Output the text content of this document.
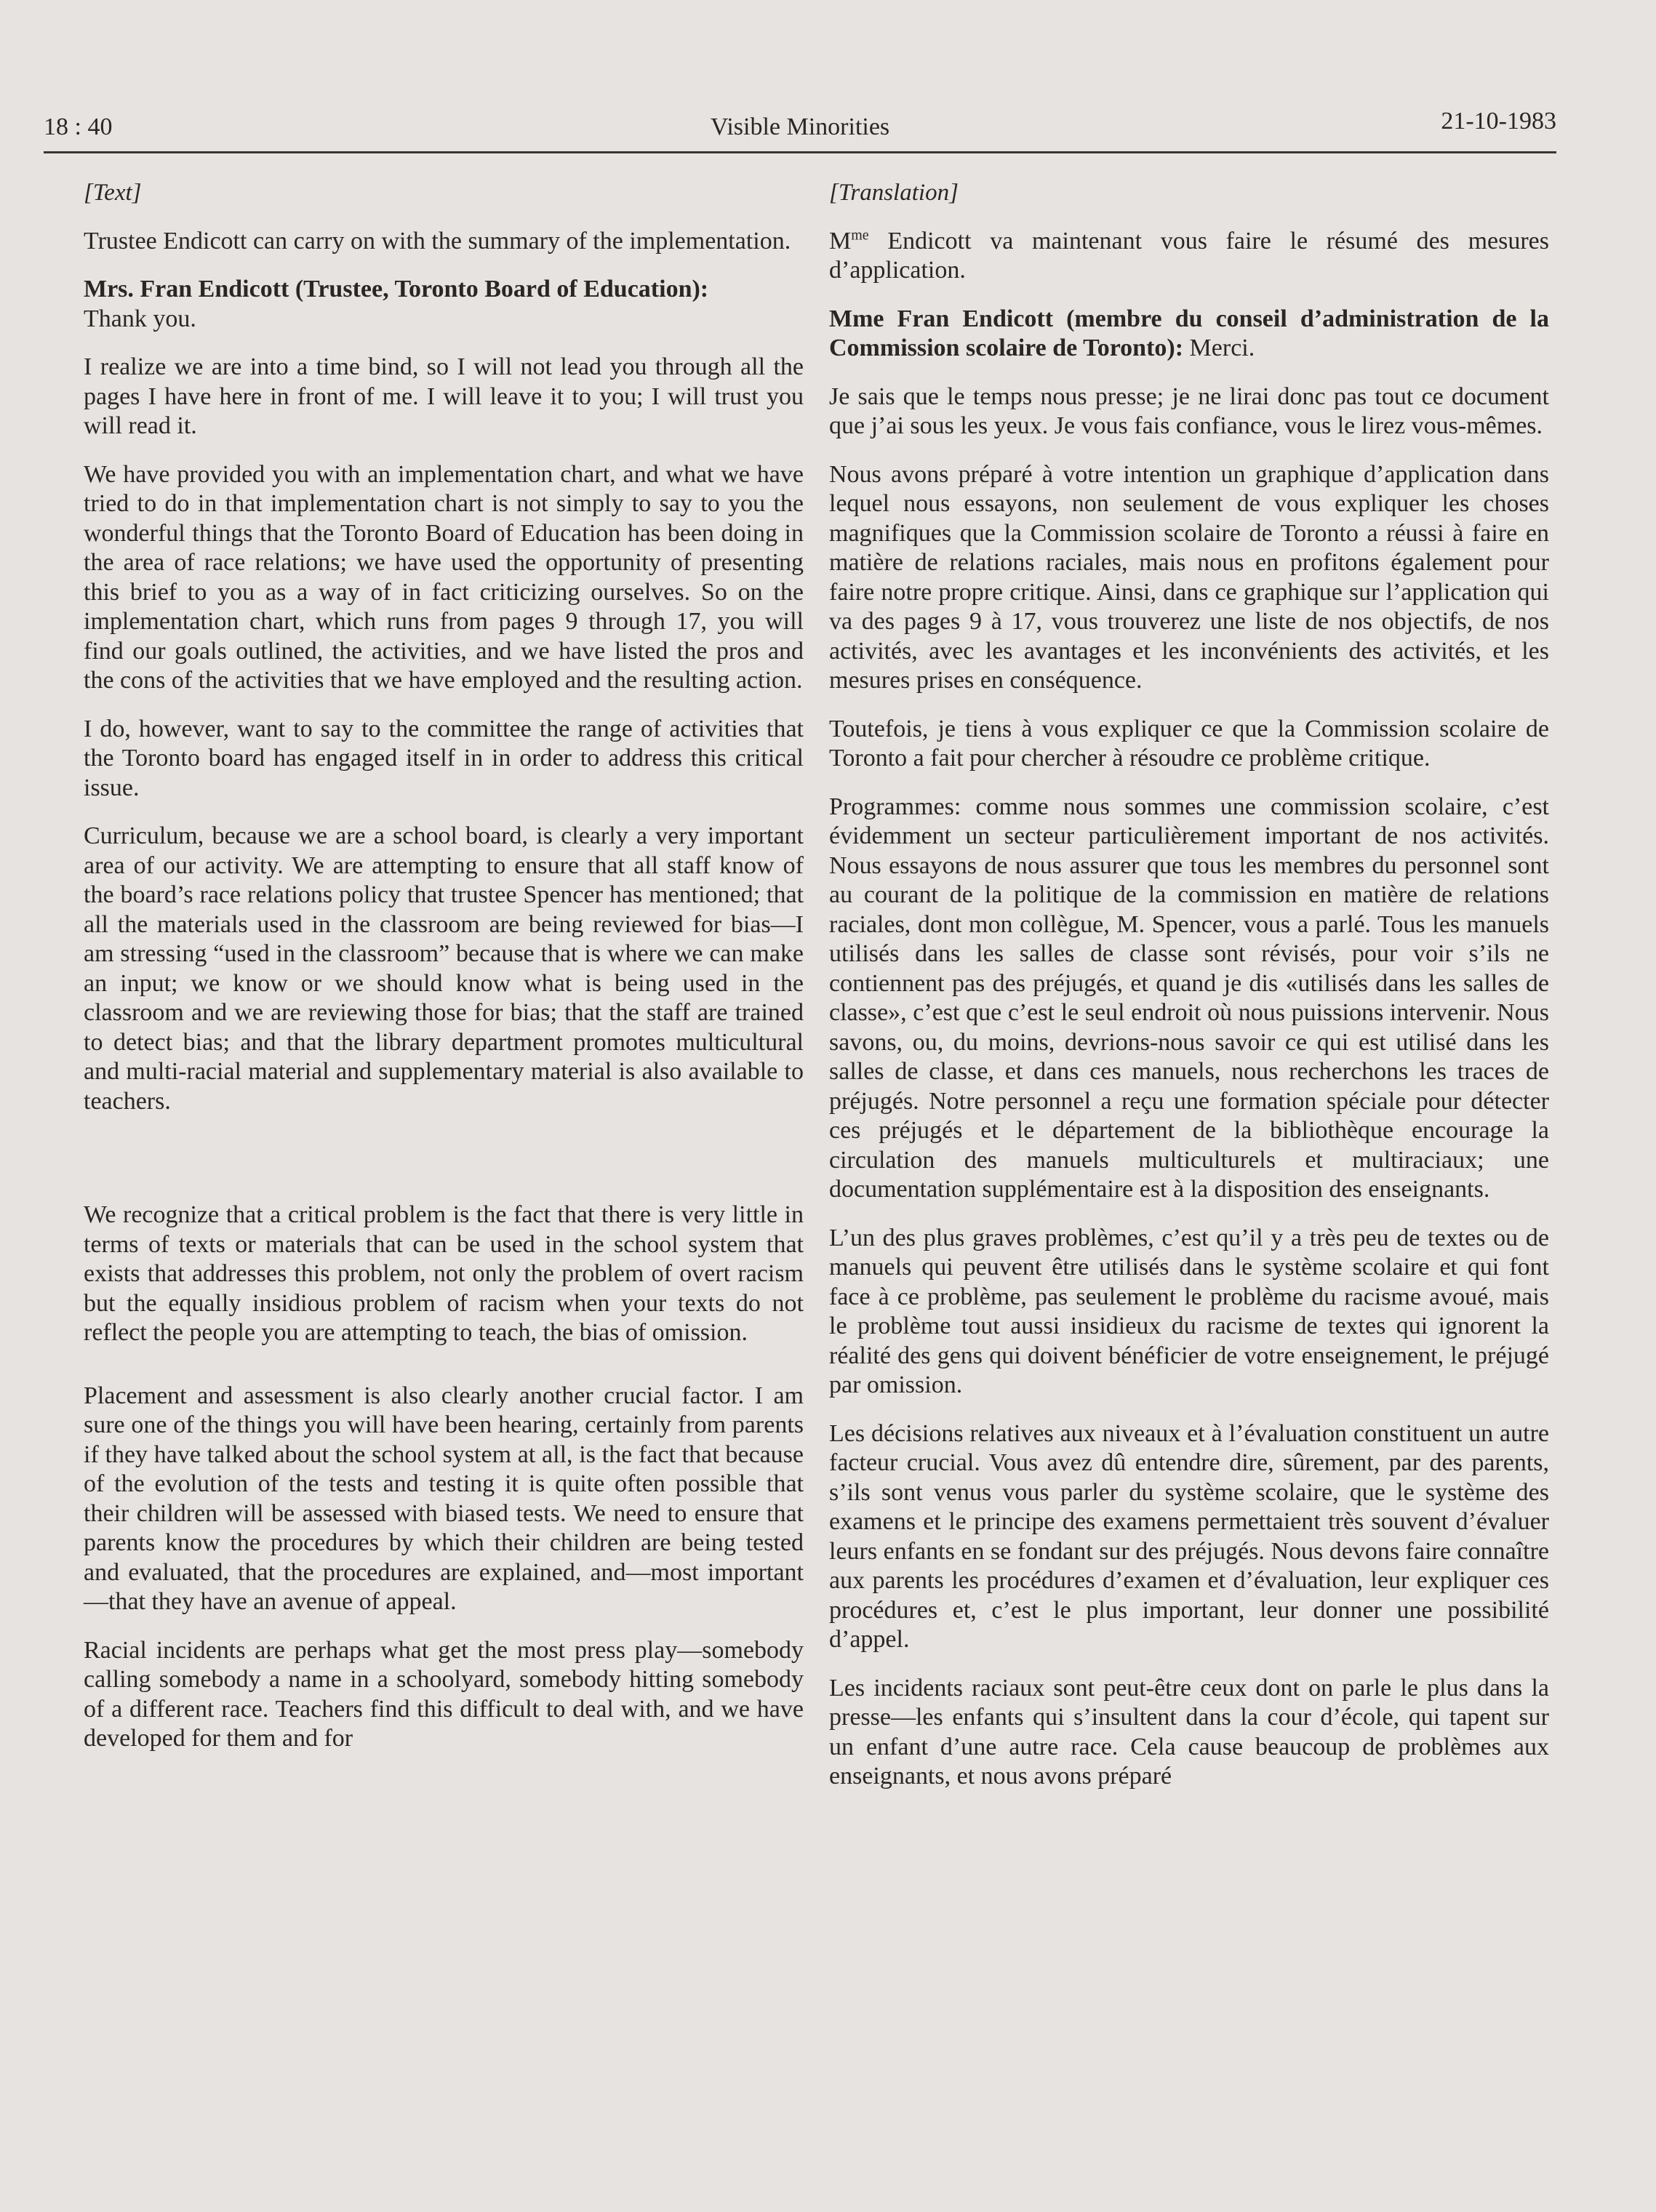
18 : 40	Visible Minorities	21-10-1983

[Text]

Trustee Endicott can carry on with the summary of the implementation.

Mrs. Fran Endicott (Trustee, Toronto Board of Education):
Thank you.

I realize we are into a time bind, so I will not lead you through all the pages I have here in front of me. I will leave it to you; I will trust you will read it.

We have provided you with an implementation chart, and what we have tried to do in that implementation chart is not simply to say to you the wonderful things that the Toronto Board of Education has been doing in the area of race relations; we have used the opportunity of presenting this brief to you as a way of in fact criticizing ourselves. So on the implementation chart, which runs from pages 9 through 17, you will find our goals outlined, the activities, and we have listed the pros and the cons of the activities that we have employed and the resulting action.

I do, however, want to say to the committee the range of activities that the Toronto board has engaged itself in in order to address this critical issue.

Curriculum, because we are a school board, is clearly a very important area of our activity. We are attempting to ensure that all staff know of the board’s race relations policy that trustee Spencer has mentioned; that all the materials used in the classroom are being reviewed for bias—I am stressing “used in the classroom” because that is where we can make an input; we know or we should know what is being used in the classroom and we are reviewing those for bias; that the staff are trained to detect bias; and that the library department promotes multicultural and multi-racial material and supplementary material is also available to teachers.

We recognize that a critical problem is the fact that there is very little in terms of texts or materials that can be used in the school system that exists that addresses this problem, not only the problem of overt racism but the equally insidious problem of racism when your texts do not reflect the people you are attempting to teach, the bias of omission.

Placement and assessment is also clearly another crucial factor. I am sure one of the things you will have been hearing, certainly from parents if they have talked about the school system at all, is the fact that because of the evolution of the tests and testing it is quite often possible that their children will be assessed with biased tests. We need to ensure that parents know the procedures by which their children are being tested and evaluated, that the procedures are explained, and—most important—that they have an avenue of appeal.

Racial incidents are perhaps what get the most press play—somebody calling somebody a name in a schoolyard, somebody hitting somebody of a different race. Teachers find this difficult to deal with, and we have developed for them and for

[Translation]

$M^{me}$ Endicott va maintenant vous faire le résumé des mesures d’application.

Mme Fran Endicott (membre du conseil d’administration de la Commission scolaire de Toronto): Merci.

Je sais que le temps nous presse; je ne lirai donc pas tout ce document que j’ai sous les yeux. Je vous fais confiance, vous le lirez vous-mêmes.

Nous avons préparé à votre intention un graphique d’application dans lequel nous essayons, non seulement de vous expliquer les choses magnifiques que la Commission scolaire de Toronto a réussi à faire en matière de relations raciales, mais nous en profitons également pour faire notre propre critique. Ainsi, dans ce graphique sur l’application qui va des pages 9 à 17, vous trouverez une liste de nos objectifs, de nos activités, avec les avantages et les inconvénients des activités, et les mesures prises en conséquence.

Toutefois, je tiens à vous expliquer ce que la Commission scolaire de Toronto a fait pour chercher à résoudre ce problème critique.

Programmes: comme nous sommes une commission scolaire, c’est évidemment un secteur particulièrement important de nos activités. Nous essayons de nous assurer que tous les membres du personnel sont au courant de la politique de la commission en matière de relations raciales, dont mon collègue, M. Spencer, vous a parlé. Tous les manuels utilisés dans les salles de classe sont révisés, pour voir s’ils ne contiennent pas des préjugés, et quand je dis «utilisés dans les salles de classe», c’est que c’est le seul endroit où nous puissions intervenir. Nous savons, ou, du moins, devrions-nous savoir ce qui est utilisé dans les salles de classe, et dans ces manuels, nous recherchons les traces de préjugés. Notre personnel a reçu une formation spéciale pour détecter ces préjugés et le département de la bibliothèque encourage la circulation des manuels multiculturels et multiraciaux; une documentation supplémentaire est à la disposition des enseignants.

L’un des plus graves problèmes, c’est qu’il y a très peu de textes ou de manuels qui peuvent être utilisés dans le système scolaire et qui font face à ce problème, pas seulement le problème du racisme avoué, mais le problème tout aussi insidieux du racisme de textes qui ignorent la réalité des gens qui doivent bénéficier de votre enseignement, le préjugé par omission.

Les décisions relatives aux niveaux et à l’évaluation constituent un autre facteur crucial. Vous avez dû entendre dire, sûrement, par des parents, s’ils sont venus vous parler du système scolaire, que le système des examens et le principe des examens permettaient très souvent d’évaluer leurs enfants en se fondant sur des préjugés. Nous devons faire connaître aux parents les procédures d’examen et d’évaluation, leur expliquer ces procédures et, c’est le plus important, leur donner une possibilité d’appel.

Les incidents raciaux sont peut-être ceux dont on parle le plus dans la presse—les enfants qui s’insultent dans la cour d’école, qui tapent sur un enfant d’une autre race. Cela cause beaucoup de problèmes aux enseignants, et nous avons préparé
